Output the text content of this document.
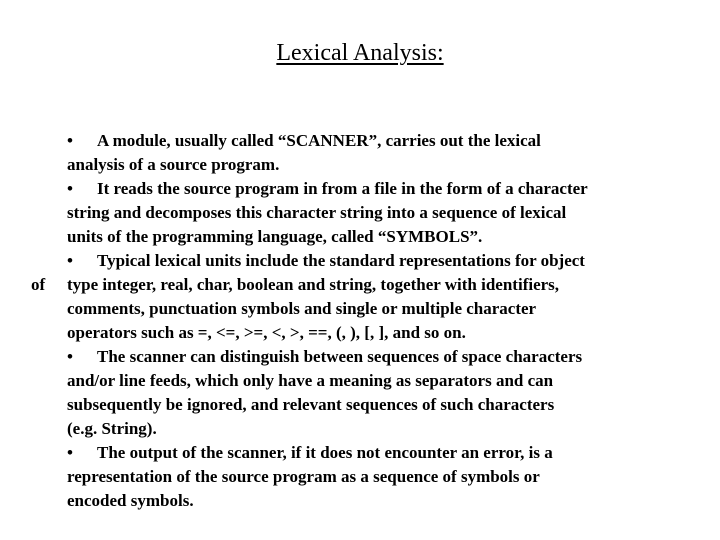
Lexical Analysis:
• A module, usually called “SCANNER”, carries out the lexical
analysis of a source program.
• It reads the source program in from a file in the form of a character
string and decomposes this character string into a sequence of lexical
units of the programming language, called “SYMBOLS”.
• Typical lexical units include the standard representations for object
of type integer, real, char, boolean and string, together with identifiers,
comments, punctuation symbols and single or multiple character
operators such as =, <=, >=, <, >, ==, (, ), [, ], and so on.
• The scanner can distinguish between sequences of space characters
and/or line feeds, which only have a meaning as separators and can
subsequently be ignored, and relevant sequences of such characters
(e.g. String).
• The output of the scanner, if it does not encounter an error, is a
representation of the source program as a sequence of symbols or
encoded symbols.
